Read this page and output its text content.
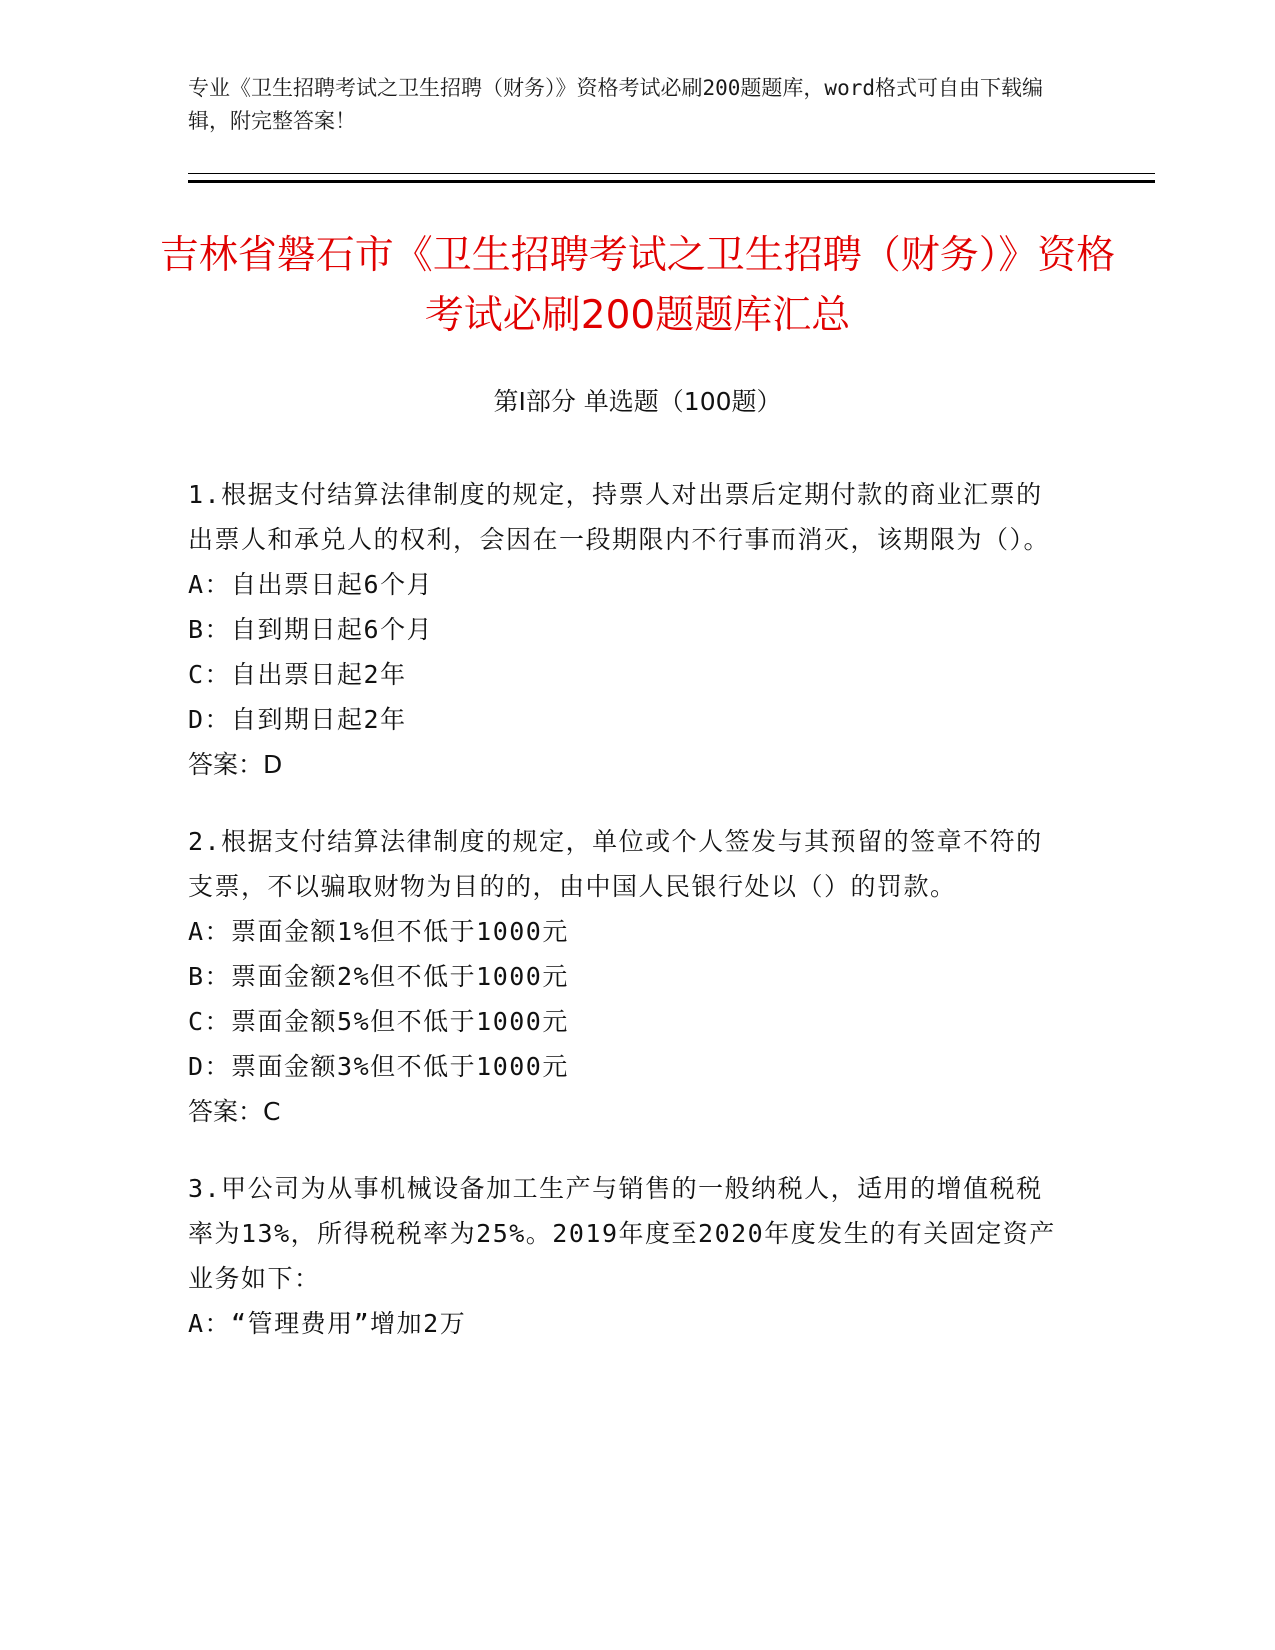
专业《卫生招聘考试之卫生招聘（财务）》资格考试必刷200题题库，word格式可自由下载编辑，附完整答案！
吉林省磐石市《卫生招聘考试之卫生招聘（财务）》资格考试必刷200题题库汇总
第Ⅰ部分 单选题（100题）

1.根据支付结算法律制度的规定，持票人对出票后定期付款的商业汇票的出票人和承兑人的权利，会因在一段期限内不行事而消灭，该期限为（）。

A：自出票日起6个月

B：自到期日起6个月

C：自出票日起2年

D：自到期日起2年

答案：D

2.根据支付结算法律制度的规定，单位或个人签发与其预留的签章不符的支票，不以骗取财物为目的的，由中国人民银行处以（）的罚款。

A：票面金额1%但不低于1000元

B：票面金额2%但不低于1000元

C：票面金额5%但不低于1000元

D：票面金额3%但不低于1000元

答案：C

3.甲公司为从事机械设备加工生产与销售的一般纳税人，适用的增值税税率为13%，所得税税率为25%。2019年度至2020年度发生的有关固定资产业务如下：

A：“管理费用”增加2万
